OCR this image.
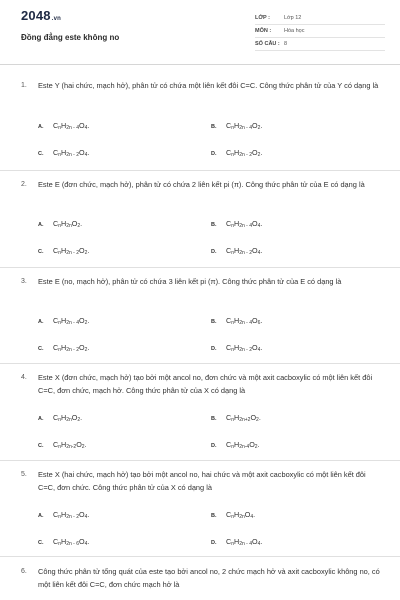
2048.vn
Đồng đẳng este không no
LỚP :	Lớp 12
MÔN : Hóa học
SỐ CÂU : 8
1. Este Y (hai chức, mạch hở), phân tử có chứa một liên kết đôi C=C. Công thức phân tử của Y có dạng là
A. $C_nH_{2n - 4}O_4$.	B. $C_nH_{2n - 4}O_2$.
C. $C_nH_{2n - 2}O_4$.	D. $C_nH_{2n - 2}O_2$.
2. Este E (đơn chức, mạch hở), phân tử có chứa 2 liên kết pi (π). Công thức phân tử của E có dạng là
A. $C_nH_{2n}O_2$.	B. $C_nH_{2n - 4}O_4$.
C. $C_nH_{2n - 2}O_2$.	D. $C_nH_{2n - 2}O_4$.
3. Este E (no, mạch hở), phân tử có chứa 3 liên kết pi (π). Công thức phân tử của E có dạng là
A. $C_nH_{2n - 4}O_2$.	B. $C_nH_{2n - 4}O_6$.
C. $C_nH_{2n - 2}O_2$.	D. $C_nH_{2n - 2}O_4$.
4. Este X (đơn chức, mạch hở) tạo bởi một ancol no, đơn chức và một axit cacboxylic có một liên kết đôi C=C, đơn chức, mạch hở. Công thức phân tử của X có dạng là
A. $C_nH_{2n}O_2$.	B. $C_nH_{2n+2}O_2$.
C. $C_nH_{2n-2}O_2$.	D. $C_nH_{2n-4}O_2$.
5. Este X (hai chức, mạch hở) tạo bởi một ancol no, hai chức và một axit cacboxylic có một liên kết đôi C=C, đơn chức. Công thức phân tử của X có dạng là
A. $C_nH_{2n - 2}O_4$.	B. $C_nH_{2n}O_4$.
C. $C_nH_{2n - 6}O_4$.	D. $C_nH_{2n - 4}O_4$.
6. Công thức phân tử tổng quát của este tạo bởi ancol no, 2 chức mạch hở và axit cacboxylic không no, có một liên kết đôi C=C, đơn chức mạch hở là
